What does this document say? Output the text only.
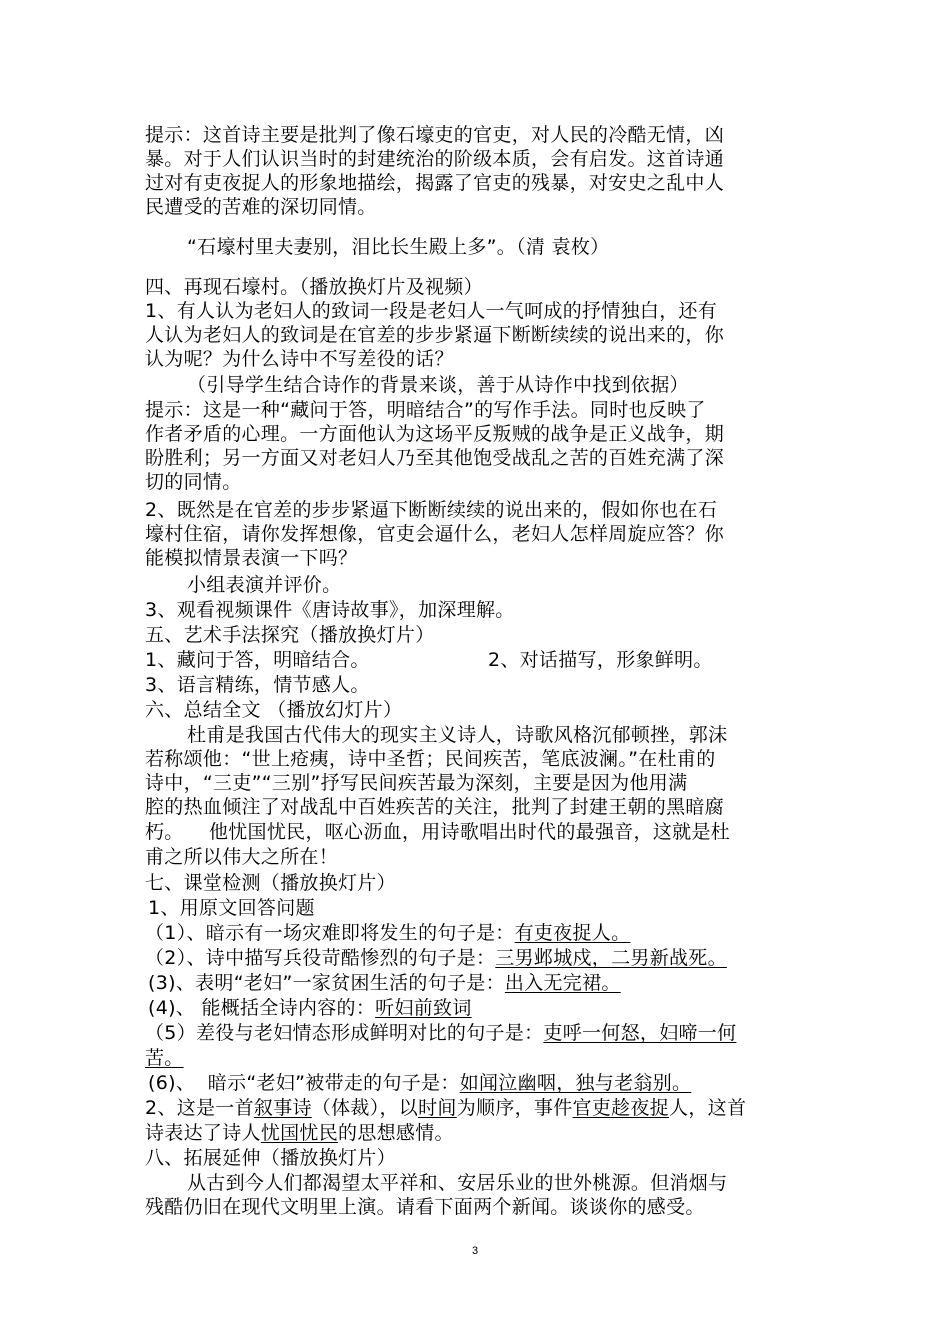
提示：这首诗主要是批判了像石壕吏的官吏，对人民的冷酷无情，凶

暴。对于人们认识当时的封建统治的阶级本质，会有启发。这首诗通

过对有吏夜捉人的形象地描绘，揭露了官吏的残暴，对安史之乱中人

民遭受的苦难的深切同情。

“石壕村里夫妻别，泪比长生殿上多”。（清 袁枚）

四、再现石壕村。（播放换灯片及视频）

1、有人认为老妇人的致词一段是老妇人一气呵成的抒情独白，还有

人认为老妇人的致词是在官差的步步紧逼下断断续续的说出来的，你

认为呢？为什么诗中不写差役的话？

（引导学生结合诗作的背景来谈，善于从诗作中找到依据）

提示：这是一种“藏问于答，明暗结合”的写作手法。同时也反映了

作者矛盾的心理。一方面他认为这场平反叛贼的战争是正义战争，期

盼胜利；另一方面又对老妇人乃至其他饱受战乱之苦的百姓充满了深

切的同情。

2、既然是在官差的步步紧逼下断断续续的说出来的，假如你也在石

壕村住宿，请你发挥想像，官吏会逼什么，老妇人怎样周旋应答？你

能模拟情景表演一下吗？

小组表演并评价。

3、观看视频课件《唐诗故事》，加深理解。

五、艺术手法探究（播放换灯片）

1、藏问于答，明暗结合。	2、对话描写，形象鲜明。

3、语言精练，情节感人。

六、总结全文 （播放幻灯片）

杜甫是我国古代伟大的现实主义诗人，诗歌风格沉郁顿挫，郭沫

若称颂他：“世上疮痍，诗中圣哲；民间疾苦，笔底波澜。”在杜甫的

诗中，“三吏”“三别”抒写民间疾苦最为深刻，主要是因为他用满

腔的热血倾注了对战乱中百姓疾苦的关注，批判了封建王朝的黑暗腐

朽。    他忧国忧民，呕心沥血，用诗歌唱出时代的最强音，这就是杜

甫之所以伟大之所在！

七、课堂检测（播放换灯片）

1、用原文回答问题

（1）、暗示有一场灾难即将发生的句子是：有吏夜捉人。

（2）、诗中描写兵役苛酷惨烈的句子是：三男邺城戍，二男新战死。

(3)、表明“老妇”一家贫困生活的句子是：出入无完裙。

(4)、 能概括全诗内容的：听妇前致词

（5）差役与老妇情态形成鲜明对比的句子是：吏呼一何怒，妇啼一何

苦。

(6)、  暗示“老妇”被带走的句子是：如闻泣幽咽，独与老翁别。

2、这是一首叙事诗（体裁），以时间为顺序，事件官吏趁夜捉人，这首

诗表达了诗人忧国忧民的思想感情。

八、拓展延伸（播放换灯片）

从古到今人们都渴望太平祥和、安居乐业的世外桃源。但消烟与

残酷仍旧在现代文明里上演。请看下面两个新闻。谈谈你的感受。

3
